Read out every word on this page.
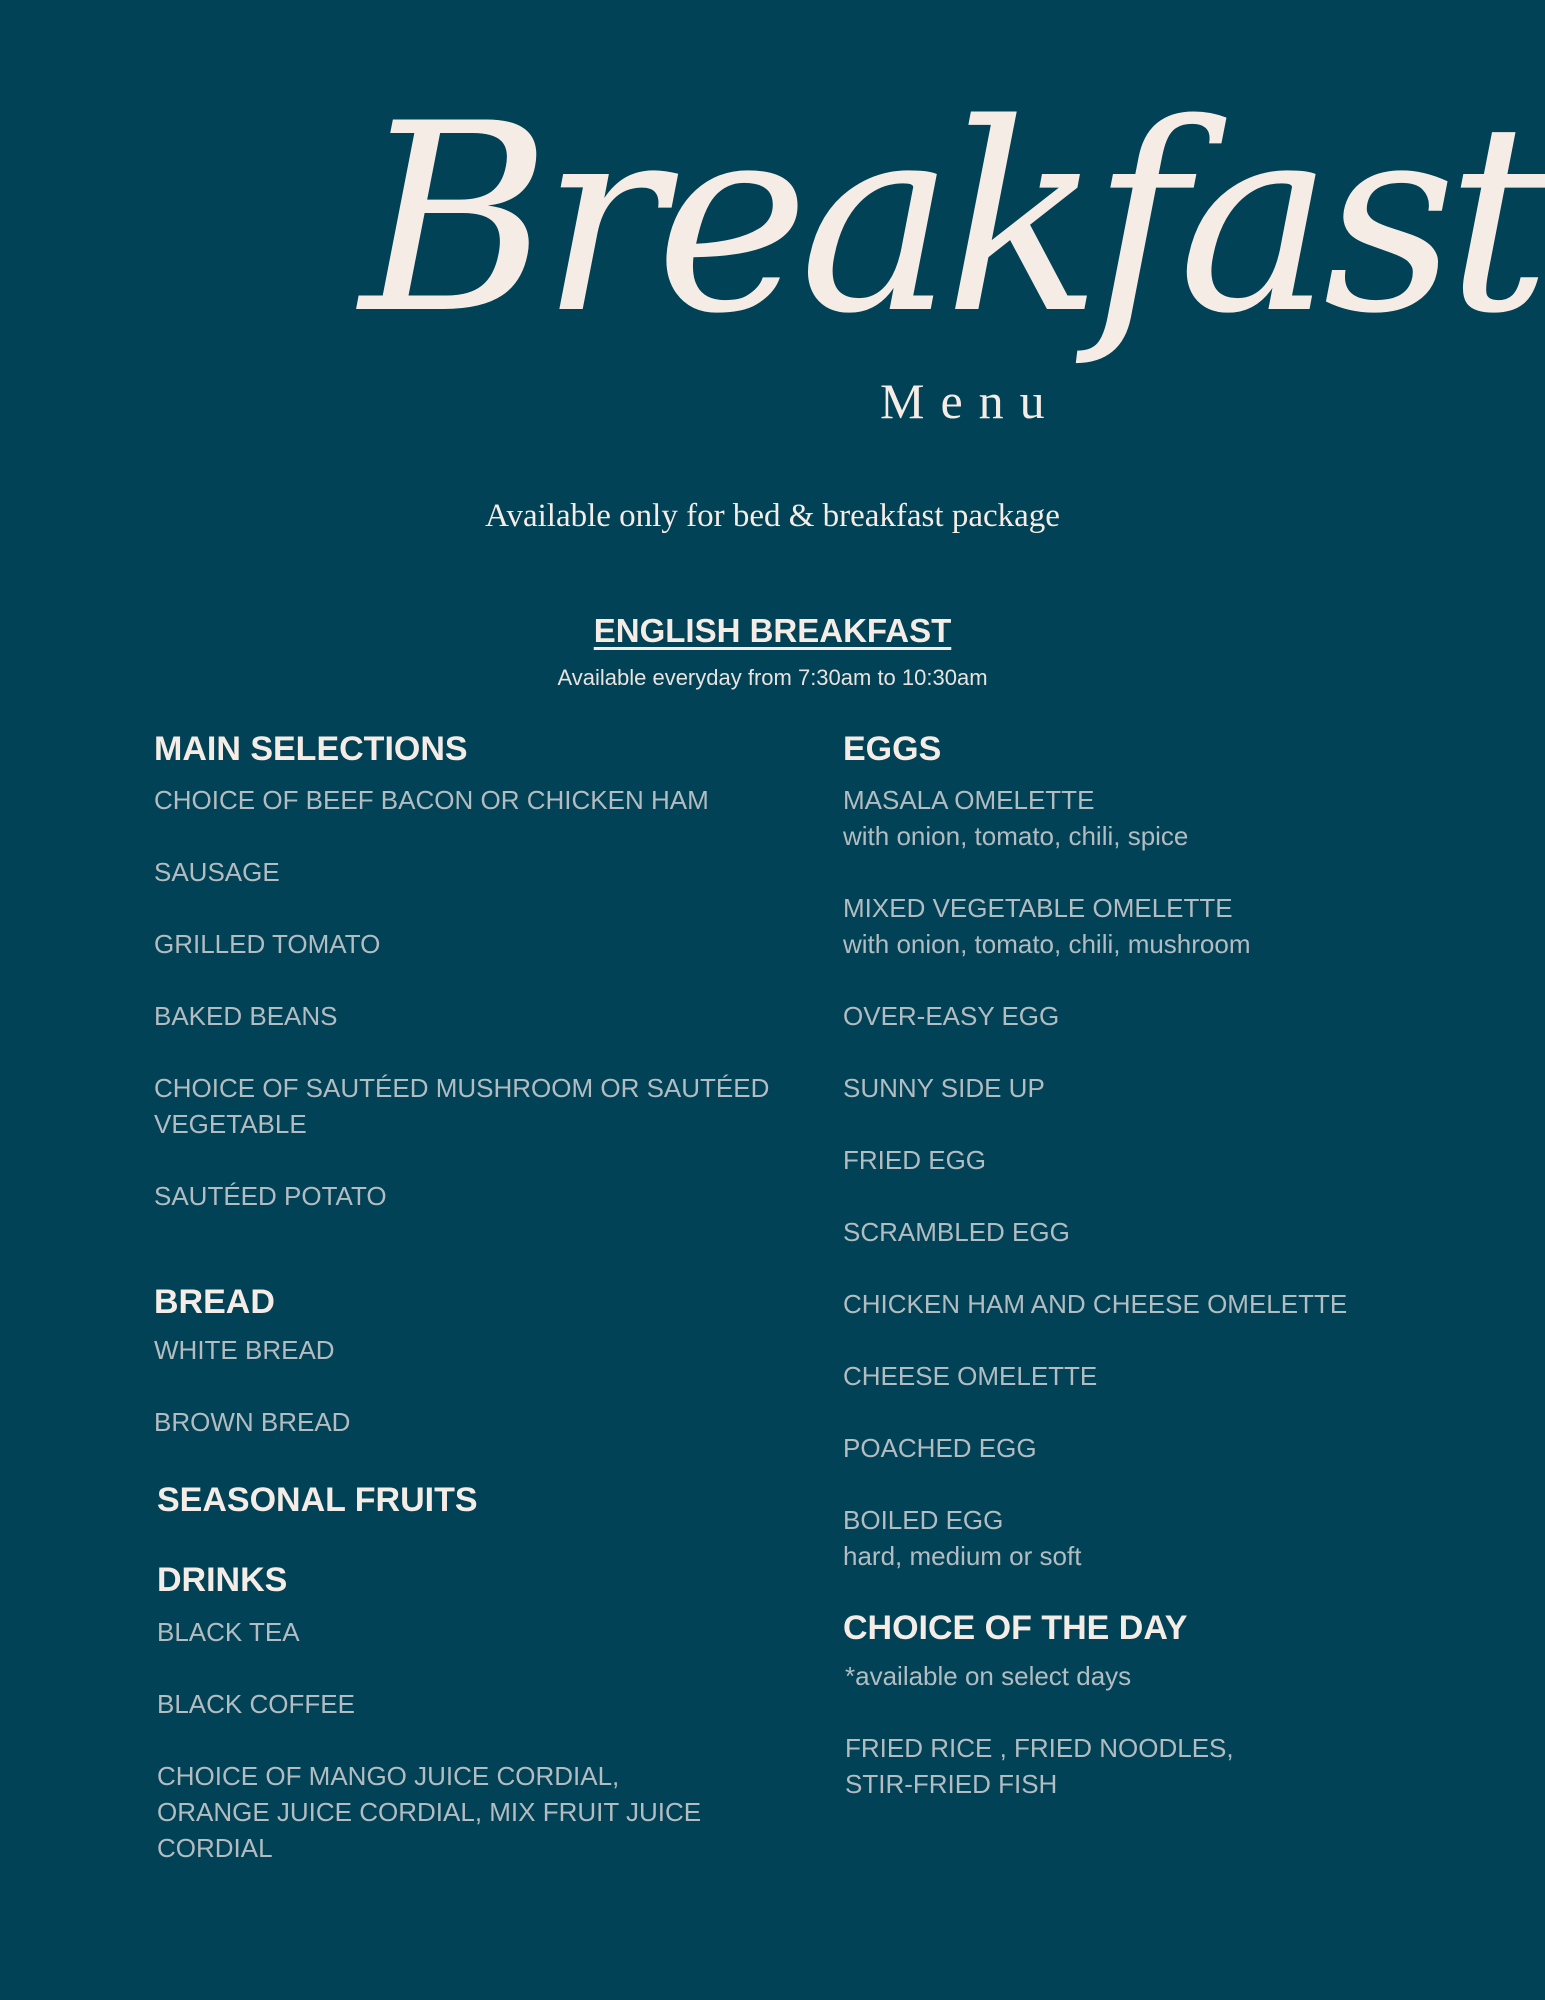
Breakfast
Menu
Available only for bed & breakfast package
ENGLISH BREAKFAST
Available everyday from 7:30am to 10:30am
MAIN SELECTIONS
CHOICE OF BEEF BACON OR CHICKEN HAM
SAUSAGE
GRILLED TOMATO
BAKED BEANS
CHOICE OF SAUTÉED MUSHROOM OR SAUTÉED VEGETABLE
SAUTÉED POTATO
BREAD
WHITE BREAD
BROWN BREAD
SEASONAL FRUITS
DRINKS
BLACK TEA
BLACK COFFEE
CHOICE OF MANGO JUICE CORDIAL, ORANGE JUICE CORDIAL, MIX FRUIT JUICE CORDIAL
EGGS
MASALA OMELETTE
with onion, tomato, chili, spice
MIXED VEGETABLE OMELETTE
with onion, tomato, chili, mushroom
OVER-EASY EGG
SUNNY SIDE UP
FRIED EGG
SCRAMBLED EGG
CHICKEN HAM AND CHEESE OMELETTE
CHEESE OMELETTE
POACHED EGG
BOILED EGG
hard, medium or soft
CHOICE OF THE DAY
*available on select days
FRIED RICE , FRIED NOODLES, STIR-FRIED FISH
